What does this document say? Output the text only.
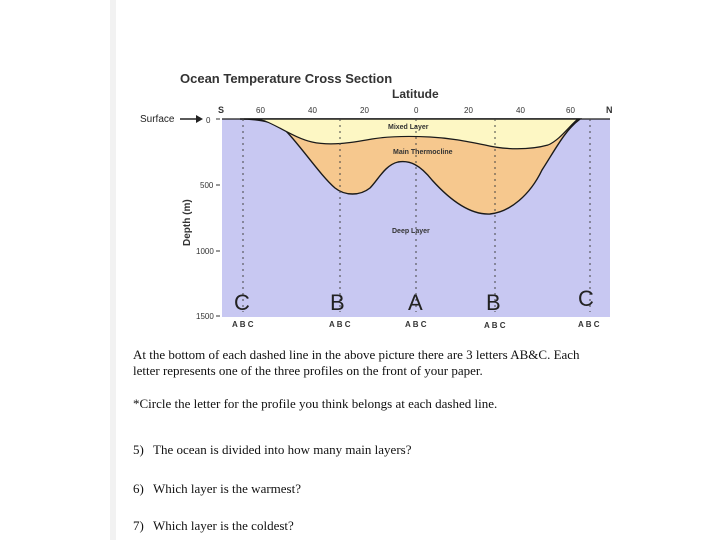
Ocean Temperature Cross Section
Latitude
S	N
60	40	20	0	20	40	60
Surface
Depth (m)
0
500
1000
1500
Mixed Layer
Main Thermocline
Deep Layer
C	B	A	B	C
A B C	A B C	A B C	A B C	A B C
At the bottom of each dashed line in the above picture there are 3 letters AB&C. Each letter represents one of the three profiles on the front of your paper.
*Circle the letter for the profile you think belongs at each dashed line.
5) The ocean is divided into how many main layers?
6) Which layer is the warmest?
7) Which layer is the coldest?
